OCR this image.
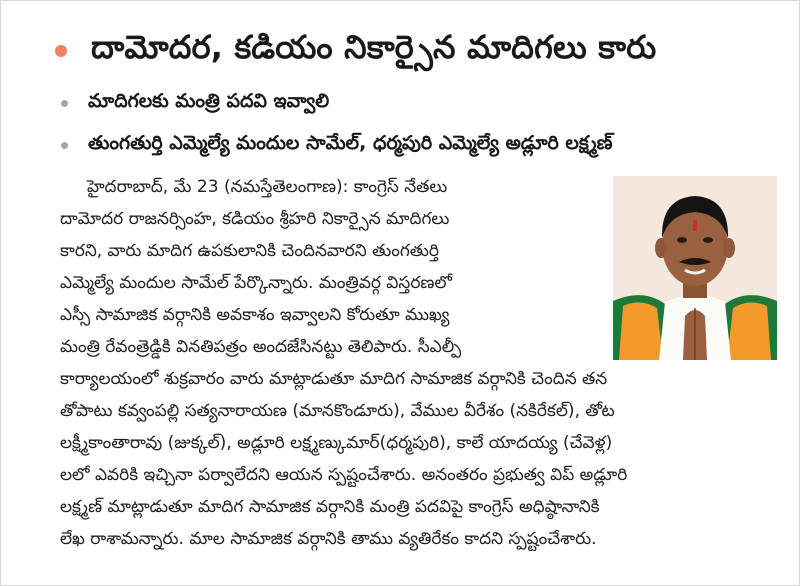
దామోదర, కడియం నికార్సైన మాదిగలు కారు
మాదిగలకు మంత్రి పదవి ఇవ్వాలి
తుంగతుర్తి ఎమ్మెల్యే మందుల సామేల్, ధర్మపురి ఎమ్మెల్యే అడ్లూరి లక్ష్మణ్
హైదరాబాద్, మే 23 (నమస్తేతెలంగాణ): కాంగ్రెస్ నేతలు
దామోదర రాజనర్సింహ, కడియం శ్రీహరి నికార్సైన మాదిగలు
కారని, వారు మాదిగ ఉపకులానికి చెందినవారని తుంగతుర్తి
ఎమ్మెల్యే మందుల సామేల్ పేర్కొన్నారు. మంత్రివర్గ విస్తరణలో
ఎస్సీ సామాజిక వర్గానికి అవకాశం ఇవ్వాలని కోరుతూ ముఖ్య
మంత్రి రేవంత్రెడ్డికి వినతిపత్రం అందజేసినట్టు తెలిపారు. సీఎల్పీ
కార్యాలయంలో శుక్రవారం వారు మాట్లాడుతూ మాదిగ సామాజిక వర్గానికి చెందిన తన
తోపాటు కవ్వంపల్లి సత్యనారాయణ (మానకొండూరు), వేముల వీరేశం (నకిరేకల్), తోట
లక్ష్మీకాంతారావు (జుక్కల్), అడ్లూరి లక్ష్మణ్కుమార్(ధర్మపురి), కాలే యాదయ్య (చేవెళ్ల)
లలో ఎవరికి ఇచ్చినా పర్వాలేదని ఆయన స్పష్టంచేశారు. అనంతరం ప్రభుత్వ విప్ అడ్లూరి
లక్ష్మణ్ మాట్లాడుతూ మాదిగ సామాజిక వర్గానికి మంత్రి పదవిపై కాంగ్రెస్ అధిష్ఠానానికి
లేఖ రాశామన్నారు. మాల సామాజిక వర్గానికి తాము వ్యతిరేకం కాదని స్పష్టంచేశారు.
